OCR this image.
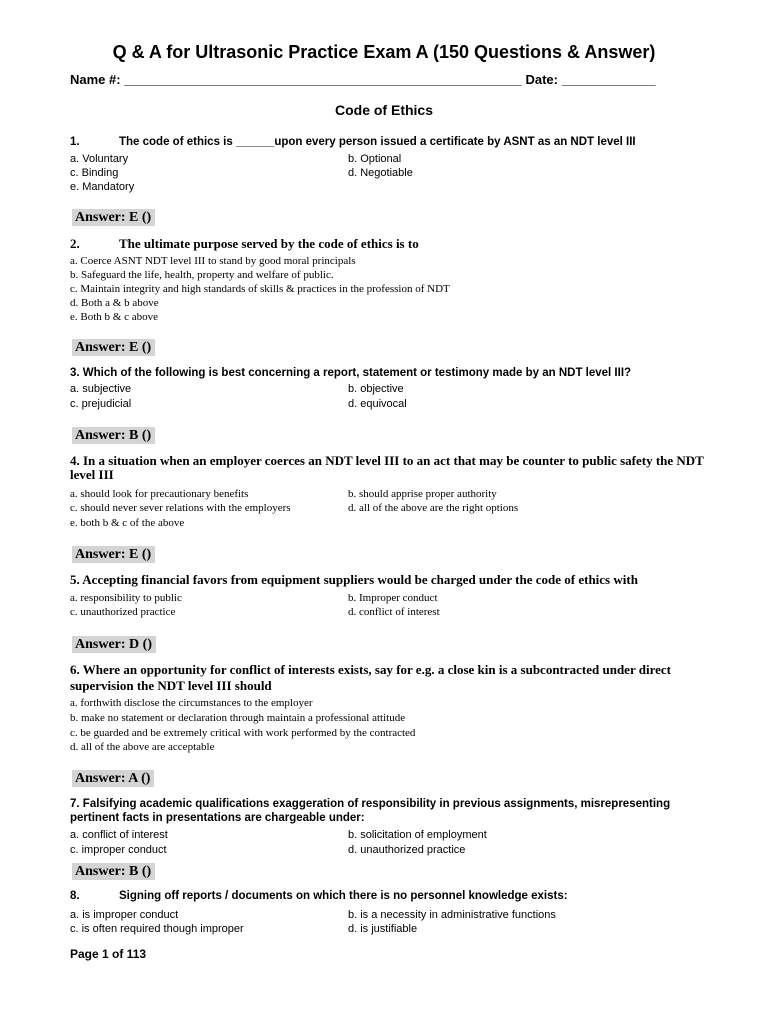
Q & A for Ultrasonic Practice Exam A (150 Questions & Answer)
Name #: _______________________________________________________ Date: _____________
Code of Ethics
1.	The code of ethics is ______upon every person issued a certificate by ASNT as an NDT level III
a. Voluntary	b. Optional
c. Binding	d. Negotiable
e. Mandatory
Answer: E ()
2.	The ultimate purpose served by the code of ethics is to
a. Coerce ASNT NDT level III to stand by good moral principals
b. Safeguard the life, health, property and welfare of public.
c. Maintain integrity and high standards of skills & practices in the profession of NDT
d. Both a & b above
e. Both b & c above
Answer: E ()
3. Which of the following is best concerning a report, statement or testimony made by an NDT level III?
a. subjective	b. objective
c. prejudicial	d. equivocal
Answer: B ()
4. In a situation when an employer coerces an NDT level III to an act that may be counter to public safety the NDT level III
a. should look for precautionary benefits	b. should apprise proper authority
c. should never sever relations with the employers	d. all of the above are the right options
e. both b & c of the above
Answer: E ()
5. Accepting financial favors from equipment suppliers would be charged under the code of ethics with
a. responsibility to public	b. Improper conduct
c. unauthorized practice	d. conflict of interest
Answer: D ()
6. Where an opportunity for conflict of interests exists, say for e.g. a close kin is a subcontracted under direct supervision the NDT level III should
a. forthwith disclose the circumstances to the employer
b. make no statement or declaration through maintain a professional attitude
c. be guarded and be extremely critical with work performed by the contracted
d. all of the above are acceptable
Answer: A ()
7. Falsifying academic qualifications exaggeration of responsibility in previous assignments, misrepresenting pertinent facts in presentations are chargeable under:
a. conflict of interest	b. solicitation of employment
c. improper conduct	d. unauthorized practice
Answer: B ()
8.	Signing off reports / documents on which there is no personnel knowledge exists:
a. is improper conduct	b. is a necessity in administrative functions
c. is often required though improper	d. is justifiable
Page 1 of 113
